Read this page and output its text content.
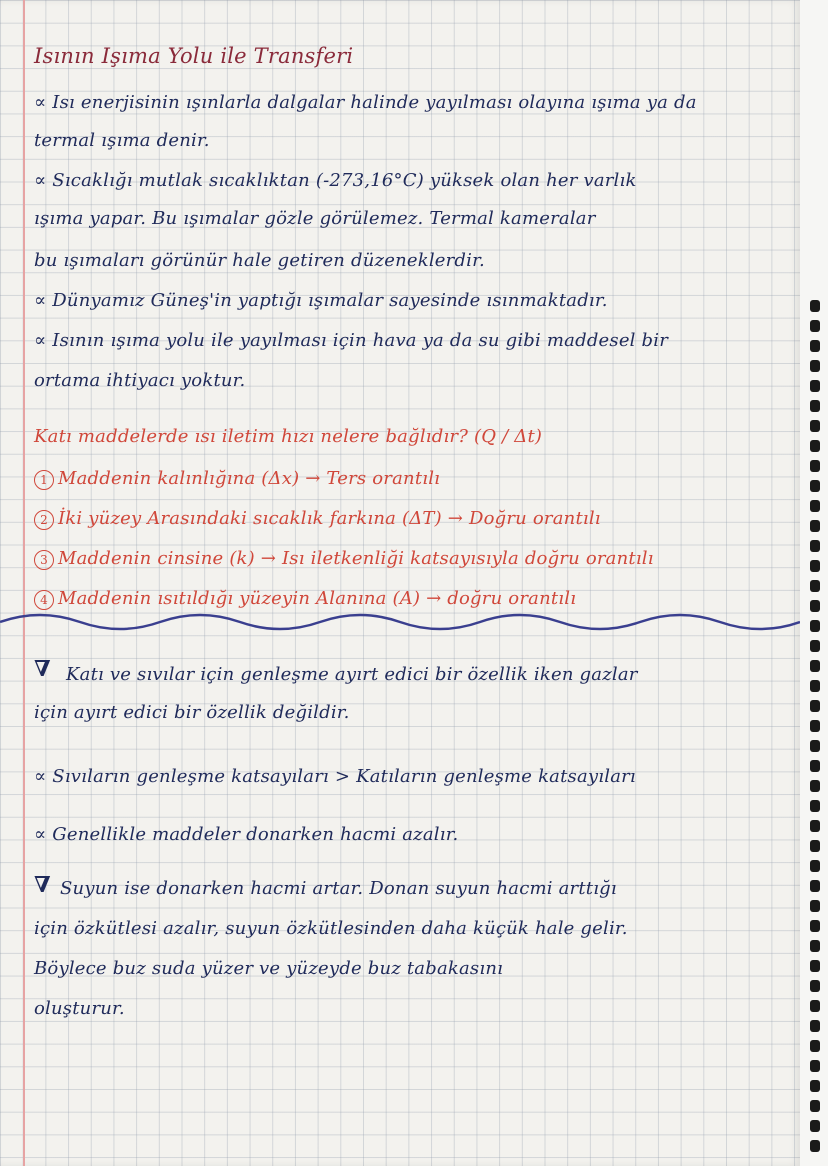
Isının Işıma Yolu ile Transferi
∝ Isı enerjisinin ışınlarla dalgalar halinde yayılması olayına ışıma ya da
termal ışıma denir.
∝ Sıcaklığı mutlak sıcaklıktan (-273,16°C) yüksek olan her varlık
ışıma yapar. Bu ışımalar gözle görülemez. Termal kameralar
bu ışımaları görünür hale getiren düzeneklerdir.
∝ Dünyamız Güneş'in yaptığı ışımalar sayesinde ısınmaktadır.
∝ Isının ışıma yolu ile yayılması için hava ya da su gibi maddesel bir
ortama ihtiyacı yoktur.
Katı maddelerde ısı iletim hızı nelere bağlıdır? (Q / Δt)
1 Maddenin kalınlığına (Δx) → Ters orantılı
2 İki yüzey Arasındaki sıcaklık farkına (ΔT) → Doğru orantılı
3 Maddenin cinsine (k) → Isı iletkenliği katsayısıyla doğru orantılı
4 Maddenin ısıtıldığı yüzeyin Alanına (A) → doğru orantılı
∇ Katı ve sıvılar için genleşme ayırt edici bir özellik iken gazlar
için ayırt edici bir özellik değildir.
∝ Sıvıların genleşme katsayıları > Katıların genleşme katsayıları
∝ Genellikle maddeler donarken hacmi azalır.
∇ Suyun ise donarken hacmi artar. Donan suyun hacmi arttığı
için özkütlesi azalır, suyun özkütlesinden daha küçük hale gelir.
Böylece buz suda yüzer ve yüzeyde buz tabakasını
oluşturur.
